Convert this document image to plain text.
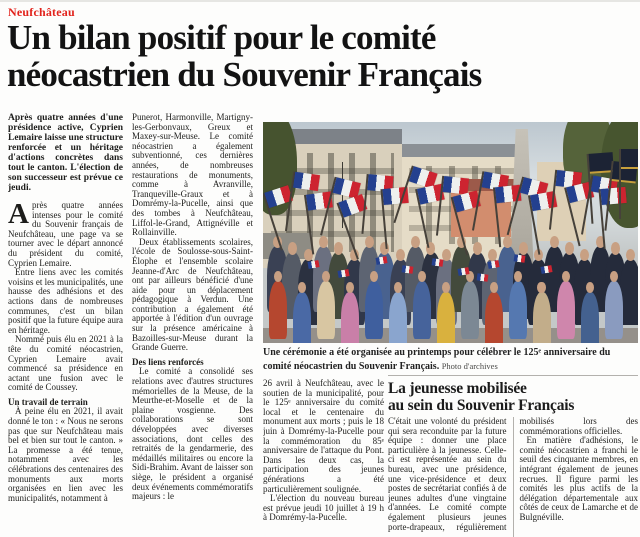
Neufchâteau
Un bilan positif pour le comité néocastrien du Souvenir Français

Après quatre années d'une présidence active, Cyprien Lemaire laisse une structure renforcée et un héritage d'actions concrètes dans tout le canton. L'élection de son successeur est prévue ce jeudi.

Après quatre années intenses pour le comité du Souvenir français de Neufchâteau, une page va se tourner avec le départ annoncé du président du comité, Cyprien Lemaire.

Entre liens avec les comités voisins et les municipalités, une hausse des adhésions et des actions dans de nombreuses communes, c'est un bilan positif que la future équipe aura en héritage.

Nommé puis élu en 2021 à la tête du comité néocastrien, Cyprien Lemaire avait commencé sa présidence en actant une fusion avec le comité de Coussey.

Un travail de terrain

À peine élu en 2021, il avait donné le ton : « Nous ne serons pas que sur Neufchâteau mais bel et bien sur tout le canton. » La promesse a été tenue, notamment avec les célébrations des centenaires des monuments aux morts organisées en lien avec les municipalités, notamment à

Punerot, Harmonville, Martigny-les-Gerbonvaux, Greux et Maxey-sur-Meuse. Le comité néocastrien a également subventionné, ces dernières années, de nombreuses restaurations de monuments, comme à Avranville, Tranqueville-Graux et à Domrémy-la-Pucelle, ainsi que des tombes à Neufchâteau, Liffol-le-Grand, Attignéville et Rollainville.

Deux établissements scolaires, l'école de Soulosse-sous-Saint-Élophe et l'ensemble scolaire Jeanne-d'Arc de Neufchâteau, ont par ailleurs bénéficié d'une aide pour un déplacement pédagogique à Verdun. Une contribution a également été apportée à l'édition d'un ouvrage sur la présence américaine à Bazoilles-sur-Meuse durant la Grande Guerre.

Des liens renforcés

Le comité a consolidé ses relations avec d'autres structures mémorielles de la Meuse, de la Meurthe-et-Moselle et de la plaine vosgienne. Des collaborations se sont développées avec diverses associations, dont celles des retraités de la gendarmerie, des médaillés militaires ou encore la Sidi-Brahim. Avant de laisser son siège, le président a organisé deux événements commémoratifs majeurs : le

Une cérémonie a été organisée au printemps pour célébrer le 125ᵉ anniversaire du comité néocastrien du Souvenir Français. Photo d'archives

26 avril à Neufchâteau, avec le soutien de la municipalité, pour le 125ᵉ anniversaire du comité local et le centenaire du monument aux morts ; puis le 18 juin à Domrémy-la-Pucelle pour la commémoration du 85ᵉ anniversaire de l'attaque du Pont. Dans les deux cas, la participation des jeunes générations a été particulièrement soulignée.

L'élection du nouveau bureau est prévue jeudi 10 juillet à 19 h à Domrémy-la-Pucelle.

La jeunesse mobilisée
au sein du Souvenir Français

C'était une volonté du président qui sera reconduite par la future équipe : donner une place particulière à la jeunesse. Celle-ci est représentée au sein du bureau, avec une présidence, une vice-présidence et deux postes de secrétariat confiés à de jeunes adultes d'une vingtaine d'années. Le comité compte également plusieurs jeunes porte-drapeaux, régulièrement mobilisés lors des commémorations officielles.

En matière d'adhésions, le comité néocastrien a franchi le seuil des cinquante membres, en intégrant également de jeunes recrues. Il figure parmi les comités les plus actifs de la délégation départementale aux côtés de ceux de Lamarche et de Bulgnéville.
